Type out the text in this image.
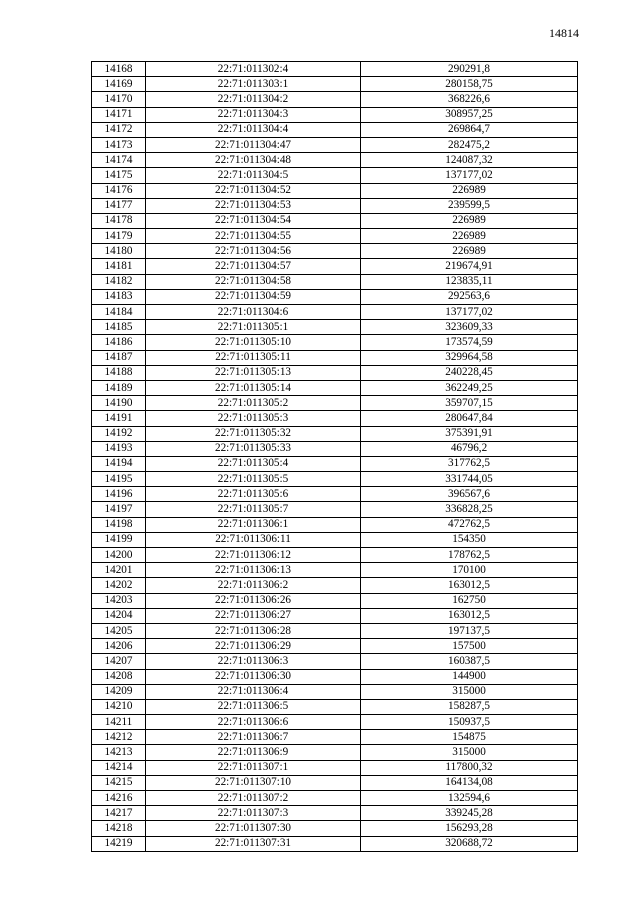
14814
14168	22:71:011302:4	290291,8
14169	22:71:011303:1	280158,75
14170	22:71:011304:2	368226,6
14171	22:71:011304:3	308957,25
14172	22:71:011304:4	269864,7
14173	22:71:011304:47	282475,2
14174	22:71:011304:48	124087,32
14175	22:71:011304:5	137177,02
14176	22:71:011304:52	226989
14177	22:71:011304:53	239599,5
14178	22:71:011304:54	226989
14179	22:71:011304:55	226989
14180	22:71:011304:56	226989
14181	22:71:011304:57	219674,91
14182	22:71:011304:58	123835,11
14183	22:71:011304:59	292563,6
14184	22:71:011304:6	137177,02
14185	22:71:011305:1	323609,33
14186	22:71:011305:10	173574,59
14187	22:71:011305:11	329964,58
14188	22:71:011305:13	240228,45
14189	22:71:011305:14	362249,25
14190	22:71:011305:2	359707,15
14191	22:71:011305:3	280647,84
14192	22:71:011305:32	375391,91
14193	22:71:011305:33	46796,2
14194	22:71:011305:4	317762,5
14195	22:71:011305:5	331744,05
14196	22:71:011305:6	396567,6
14197	22:71:011305:7	336828,25
14198	22:71:011306:1	472762,5
14199	22:71:011306:11	154350
14200	22:71:011306:12	178762,5
14201	22:71:011306:13	170100
14202	22:71:011306:2	163012,5
14203	22:71:011306:26	162750
14204	22:71:011306:27	163012,5
14205	22:71:011306:28	197137,5
14206	22:71:011306:29	157500
14207	22:71:011306:3	160387,5
14208	22:71:011306:30	144900
14209	22:71:011306:4	315000
14210	22:71:011306:5	158287,5
14211	22:71:011306:6	150937,5
14212	22:71:011306:7	154875
14213	22:71:011306:9	315000
14214	22:71:011307:1	117800,32
14215	22:71:011307:10	164134,08
14216	22:71:011307:2	132594,6
14217	22:71:011307:3	339245,28
14218	22:71:011307:30	156293,28
14219	22:71:011307:31	320688,72
